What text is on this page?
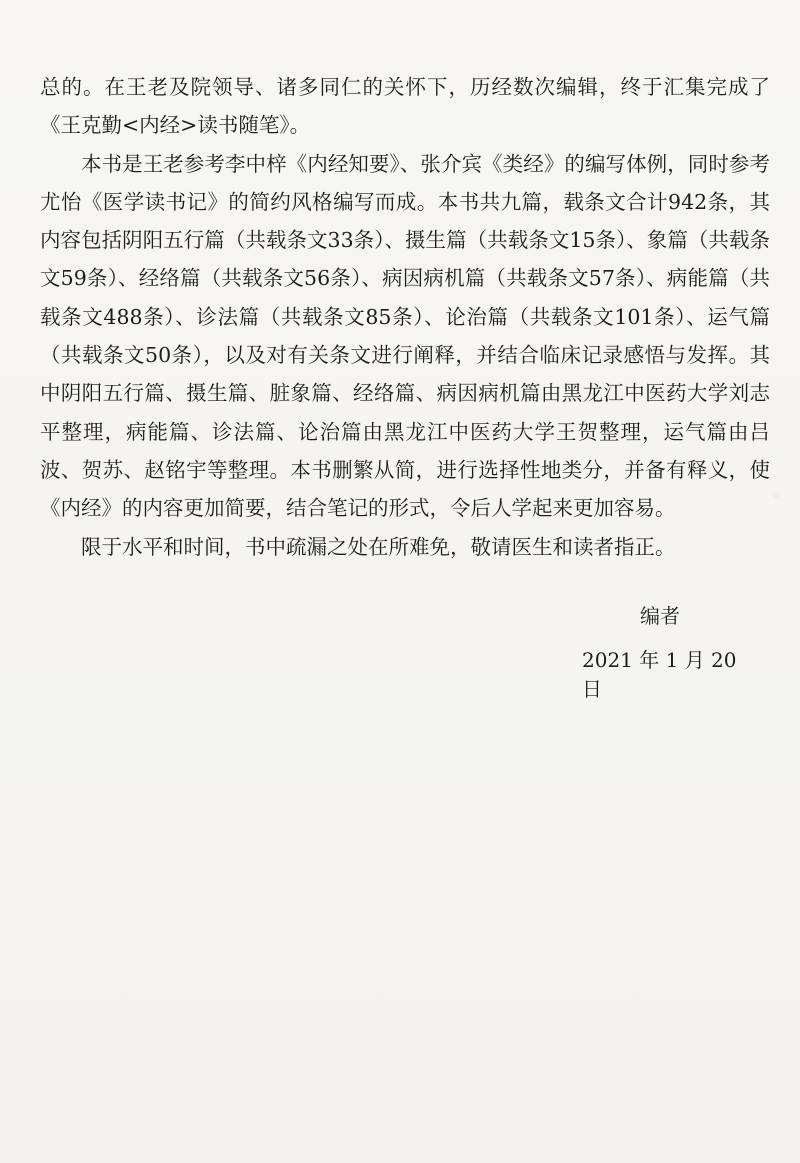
。

总的。在王老及院领导、诸多同仁的关怀下，历经数次编辑，终于汇集完成了《王克勤<内经>读书随笔》。

本书是王老参考李中梓《内经知要》、张介宾《类经》的编写体例，同时参考尤怡《医学读书记》的简约风格编写而成。本书共九篇，载条文合计942条，其内容包括阴阳五行篇（共载条文33条）、摄生篇（共载条文15条）、象篇（共载条文59条）、经络篇（共载条文56条）、病因病机篇（共载条文57条）、病能篇（共载条文488条）、诊法篇（共载条文85条）、论治篇（共载条文101条）、运气篇（共载条文50条），以及对有关条文进行阐释，并结合临床记录感悟与发挥。其中阴阳五行篇、摄生篇、脏象篇、经络篇、病因病机篇由黑龙江中医药大学刘志平整理，病能篇、诊法篇、论治篇由黑龙江中医药大学王贺整理，运气篇由吕波、贺苏、赵铭宇等整理。本书删繁从简，进行选择性地类分，并备有释义，使《内经》的内容更加简要，结合笔记的形式，令后人学起来更加容易。

限于水平和时间，书中疏漏之处在所难免，敬请医生和读者指正。

编者
2021 年 1 月 20 日
